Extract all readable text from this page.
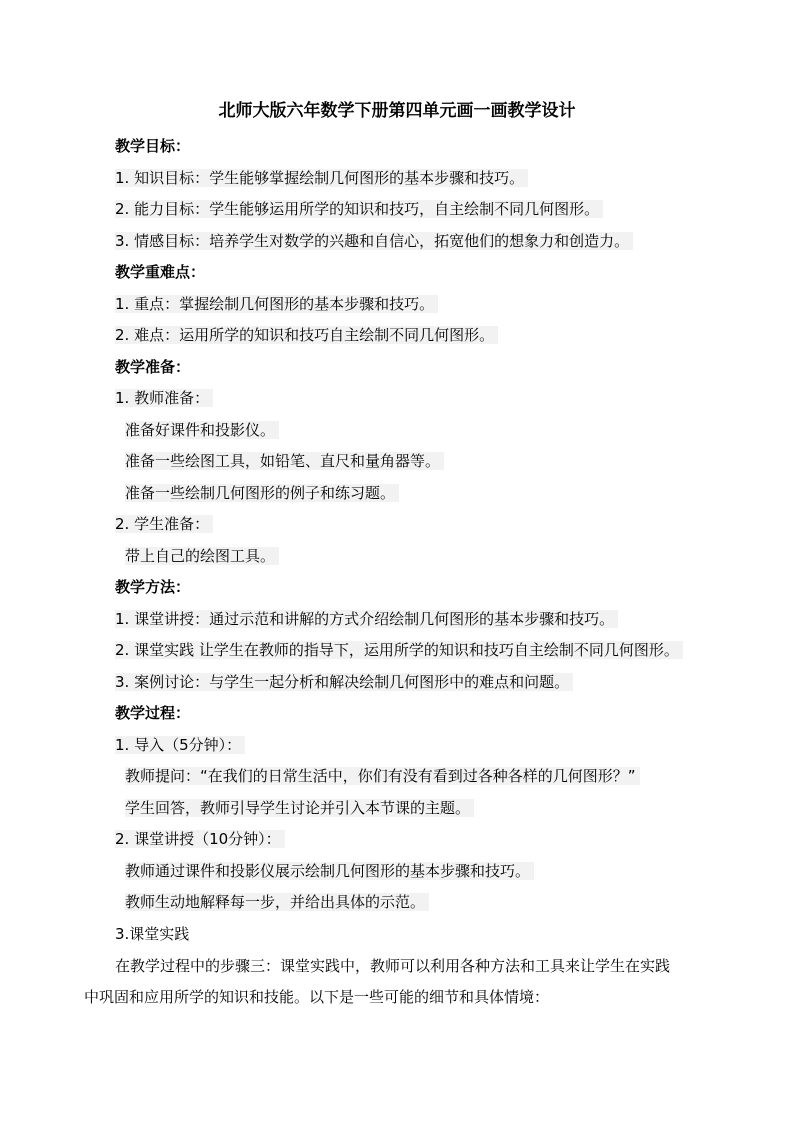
北师大版六年数学下册第四单元画一画教学设计
教学目标：
1. 知识目标：学生能够掌握绘制几何图形的基本步骤和技巧。
2. 能力目标：学生能够运用所学的知识和技巧，自主绘制不同几何图形。
3. 情感目标：培养学生对数学的兴趣和自信心，拓宽他们的想象力和创造力。
教学重难点：
1. 重点：掌握绘制几何图形的基本步骤和技巧。
2. 难点：运用所学的知识和技巧自主绘制不同几何图形。
教学准备：
1. 教师准备：
准备好课件和投影仪。
准备一些绘图工具，如铅笔、直尺和量角器等。
准备一些绘制几何图形的例子和练习题。
2. 学生准备：
带上自己的绘图工具。
教学方法：
1. 课堂讲授：通过示范和讲解的方式介绍绘制几何图形的基本步骤和技巧。
2. 课堂实践 让学生在教师的指导下，运用所学的知识和技巧自主绘制不同几何图形。
3. 案例讨论：与学生一起分析和解决绘制几何图形中的难点和问题。
教学过程：
1. 导入（5分钟）：
教师提问：“在我们的日常生活中，你们有没有看到过各种各样的几何图形？”
学生回答，教师引导学生讨论并引入本节课的主题。
2. 课堂讲授（10分钟）：
教师通过课件和投影仪展示绘制几何图形的基本步骤和技巧。
教师生动地解释每一步，并给出具体的示范。
3.课堂实践
在教学过程中的步骤三：课堂实践中，教师可以利用各种方法和工具来让学生在实践
中巩固和应用所学的知识和技能。以下是一些可能的细节和具体情境：
